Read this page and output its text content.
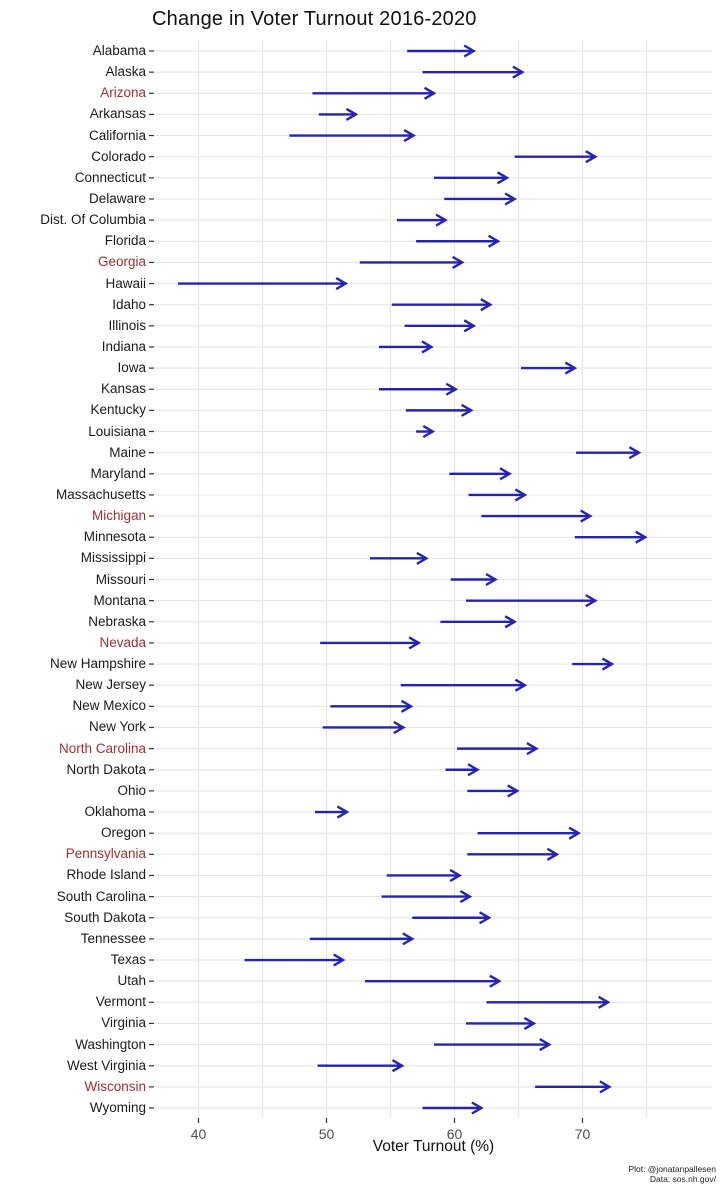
Change in Voter Turnout 2016-2020
Alabama
Alaska
Arizona
Arkansas
California
Colorado
Connecticut
Delaware
Dist. Of Columbia
Florida
Georgia
Hawaii
Idaho
Illinois
Indiana
Iowa
Kansas
Kentucky
Louisiana
Maine
Maryland
Massachusetts
Michigan
Minnesota
Mississippi
Missouri
Montana
Nebraska
Nevada
New Hampshire
New Jersey
New Mexico
New York
North Carolina
North Dakota
Ohio
Oklahoma
Oregon
Pennsylvania
Rhode Island
South Carolina
South Dakota
Tennessee
Texas
Utah
Vermont
Virginia
Washington
West Virginia
Wisconsin
Wyoming
40	50	60	70
Voter Turnout (%)
Plot: @jonatanpallesen
Data: sos.nh.gov/
